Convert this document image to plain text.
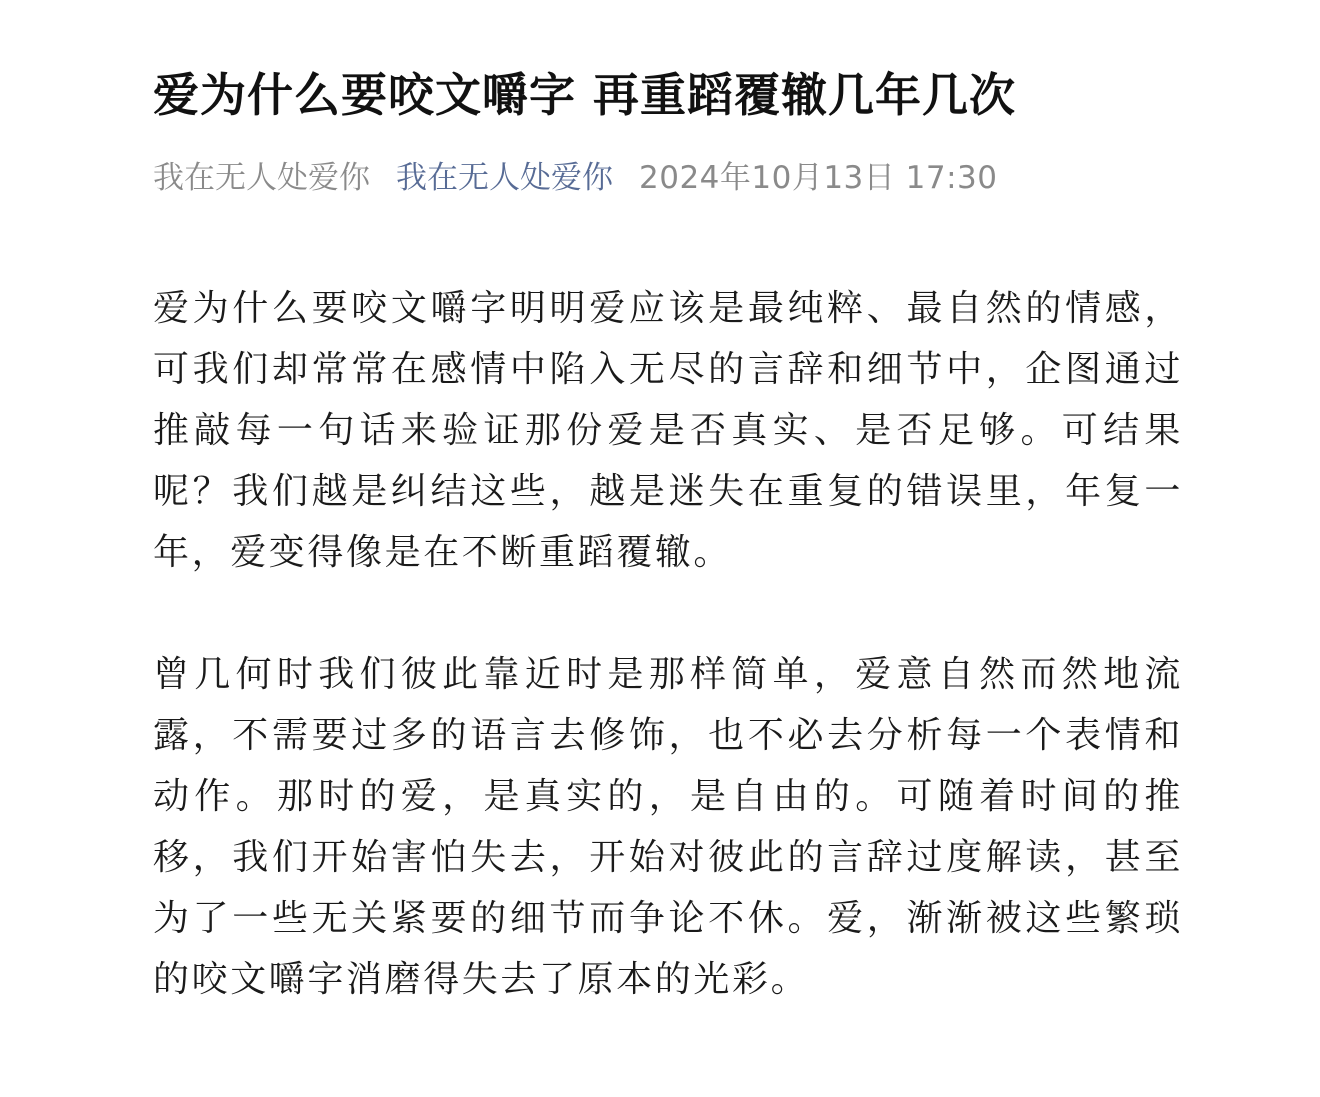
爱为什么要咬文嚼字 再重蹈覆辙几年几次
我在无人处爱你 我在无人处爱你 2024年10月13日 17:30

爱为什么要咬文嚼字明明爱应该是最纯粹、最自然的情感，可我们却常常在感情中陷入无尽的言辞和细节中，企图通过推敲每一句话来验证那份爱是否真实、是否足够。可结果呢？我们越是纠结这些，越是迷失在重复的错误里，年复一年，爱变得像是在不断重蹈覆辙。

曾几何时我们彼此靠近时是那样简单，爱意自然而然地流露，不需要过多的语言去修饰，也不必去分析每一个表情和动作。那时的爱，是真实的，是自由的。可随着时间的推移，我们开始害怕失去，开始对彼此的言辞过度解读，甚至为了一些无关紧要的细节而争论不休。爱，渐渐被这些繁琐的咬文嚼字消磨得失去了原本的光彩。
